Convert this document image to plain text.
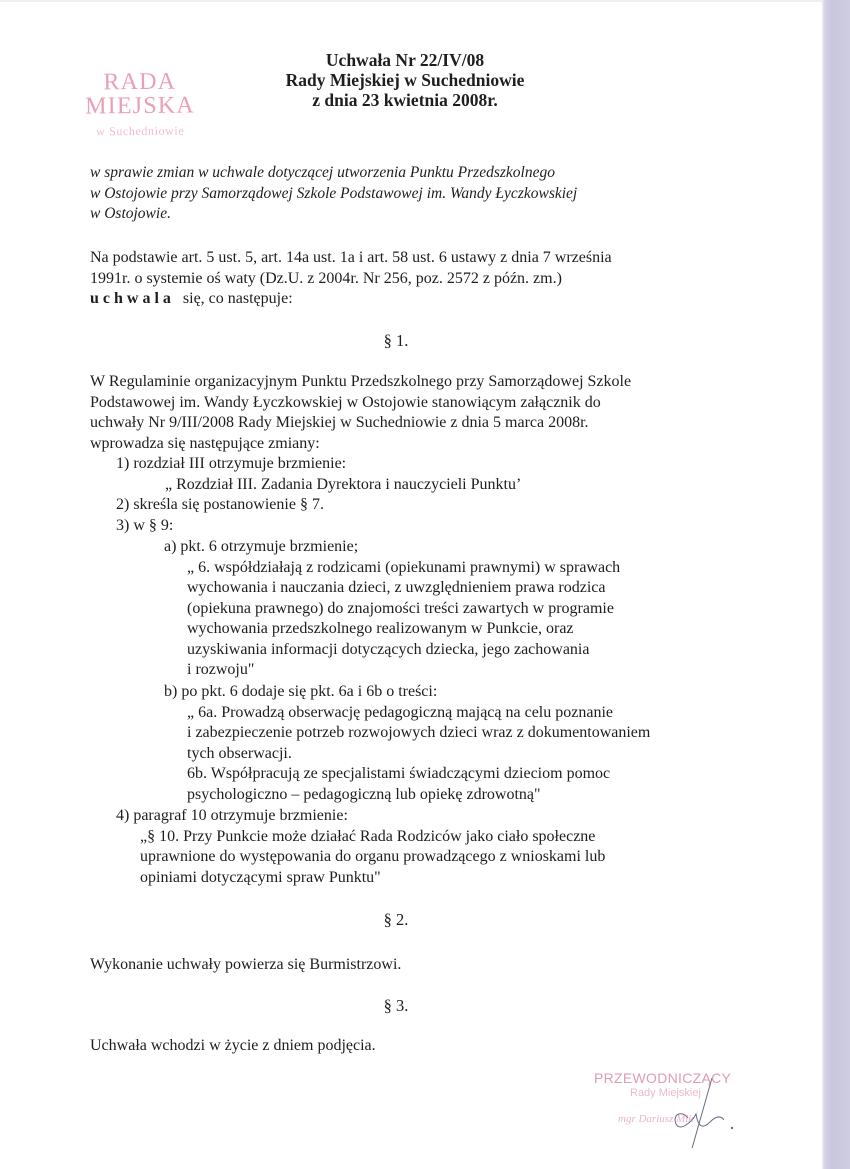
RADA MIEJSKA
w Suchedniowie
Uchwała Nr 22/IV/08
Rady Miejskiej w Suchedniowie
z dnia 23 kwietnia 2008r.

w sprawie zmian w uchwale dotyczącej utworzenia Punktu Przedszkolnego

w Ostojowie przy Samorządowej Szkole Podstawowej im. Wandy Łyczkowskiej

w Ostojowie.

Na podstawie art. 5 ust. 5, art. 14a ust. 1a i art. 58 ust. 6 ustawy z dnia 7 września

1991r. o systemie oś waty (Dz.U. z 2004r. Nr 256, poz. 2572 z późn. zm.)

uchwala  się, co następuje:

§ 1.

W Regulaminie organizacyjnym Punktu Przedszkolnego przy Samorządowej Szkole

Podstawowej im. Wandy Łyczkowskiej w Ostojowie stanowiącym załącznik do

uchwały Nr 9/III/2008 Rady Miejskiej w Suchedniowie z dnia 5 marca 2008r.

wprowadza się następujące zmiany:

1) rozdział III otrzymuje brzmienie:

„ Rozdział III. Zadania Dyrektora i nauczycieli Punktu’

2) skreśla się postanowienie § 7.

3) w § 9:

a) pkt. 6 otrzymuje brzmienie;

„ 6. współdziałają z rodzicami (opiekunami prawnymi) w sprawach

wychowania i nauczania dzieci, z uwzględnieniem prawa rodzica

(opiekuna prawnego) do znajomości treści zawartych w programie

wychowania przedszkolnego realizowanym w Punkcie, oraz

uzyskiwania informacji dotyczących dziecka, jego zachowania

i rozwoju"

b) po pkt. 6 dodaje się pkt. 6a i 6b o treści:

„ 6a. Prowadzą obserwację pedagogiczną mającą na celu poznanie

i zabezpieczenie potrzeb rozwojowych dzieci wraz z dokumentowaniem

tych obserwacji.

6b. Współpracują ze specjalistami świadczącymi dzieciom pomoc

psychologiczno – pedagogiczną lub opiekę zdrowotną"

4) paragraf 10 otrzymuje brzmienie:

„§ 10. Przy Punkcie może działać Rada Rodziców jako ciało społeczne

uprawnione do występowania do organu prowadzącego z wnioskami lub

opiniami dotyczącymi spraw Punktu"

§ 2.
Wykonanie uchwały powierza się Burmistrzowi.
§ 3.
Uchwała wchodzi w życie z dniem podjęcia.
PRZEWODNICZĄCY
Rady Miejskiej
mgr Dariusz Mik
